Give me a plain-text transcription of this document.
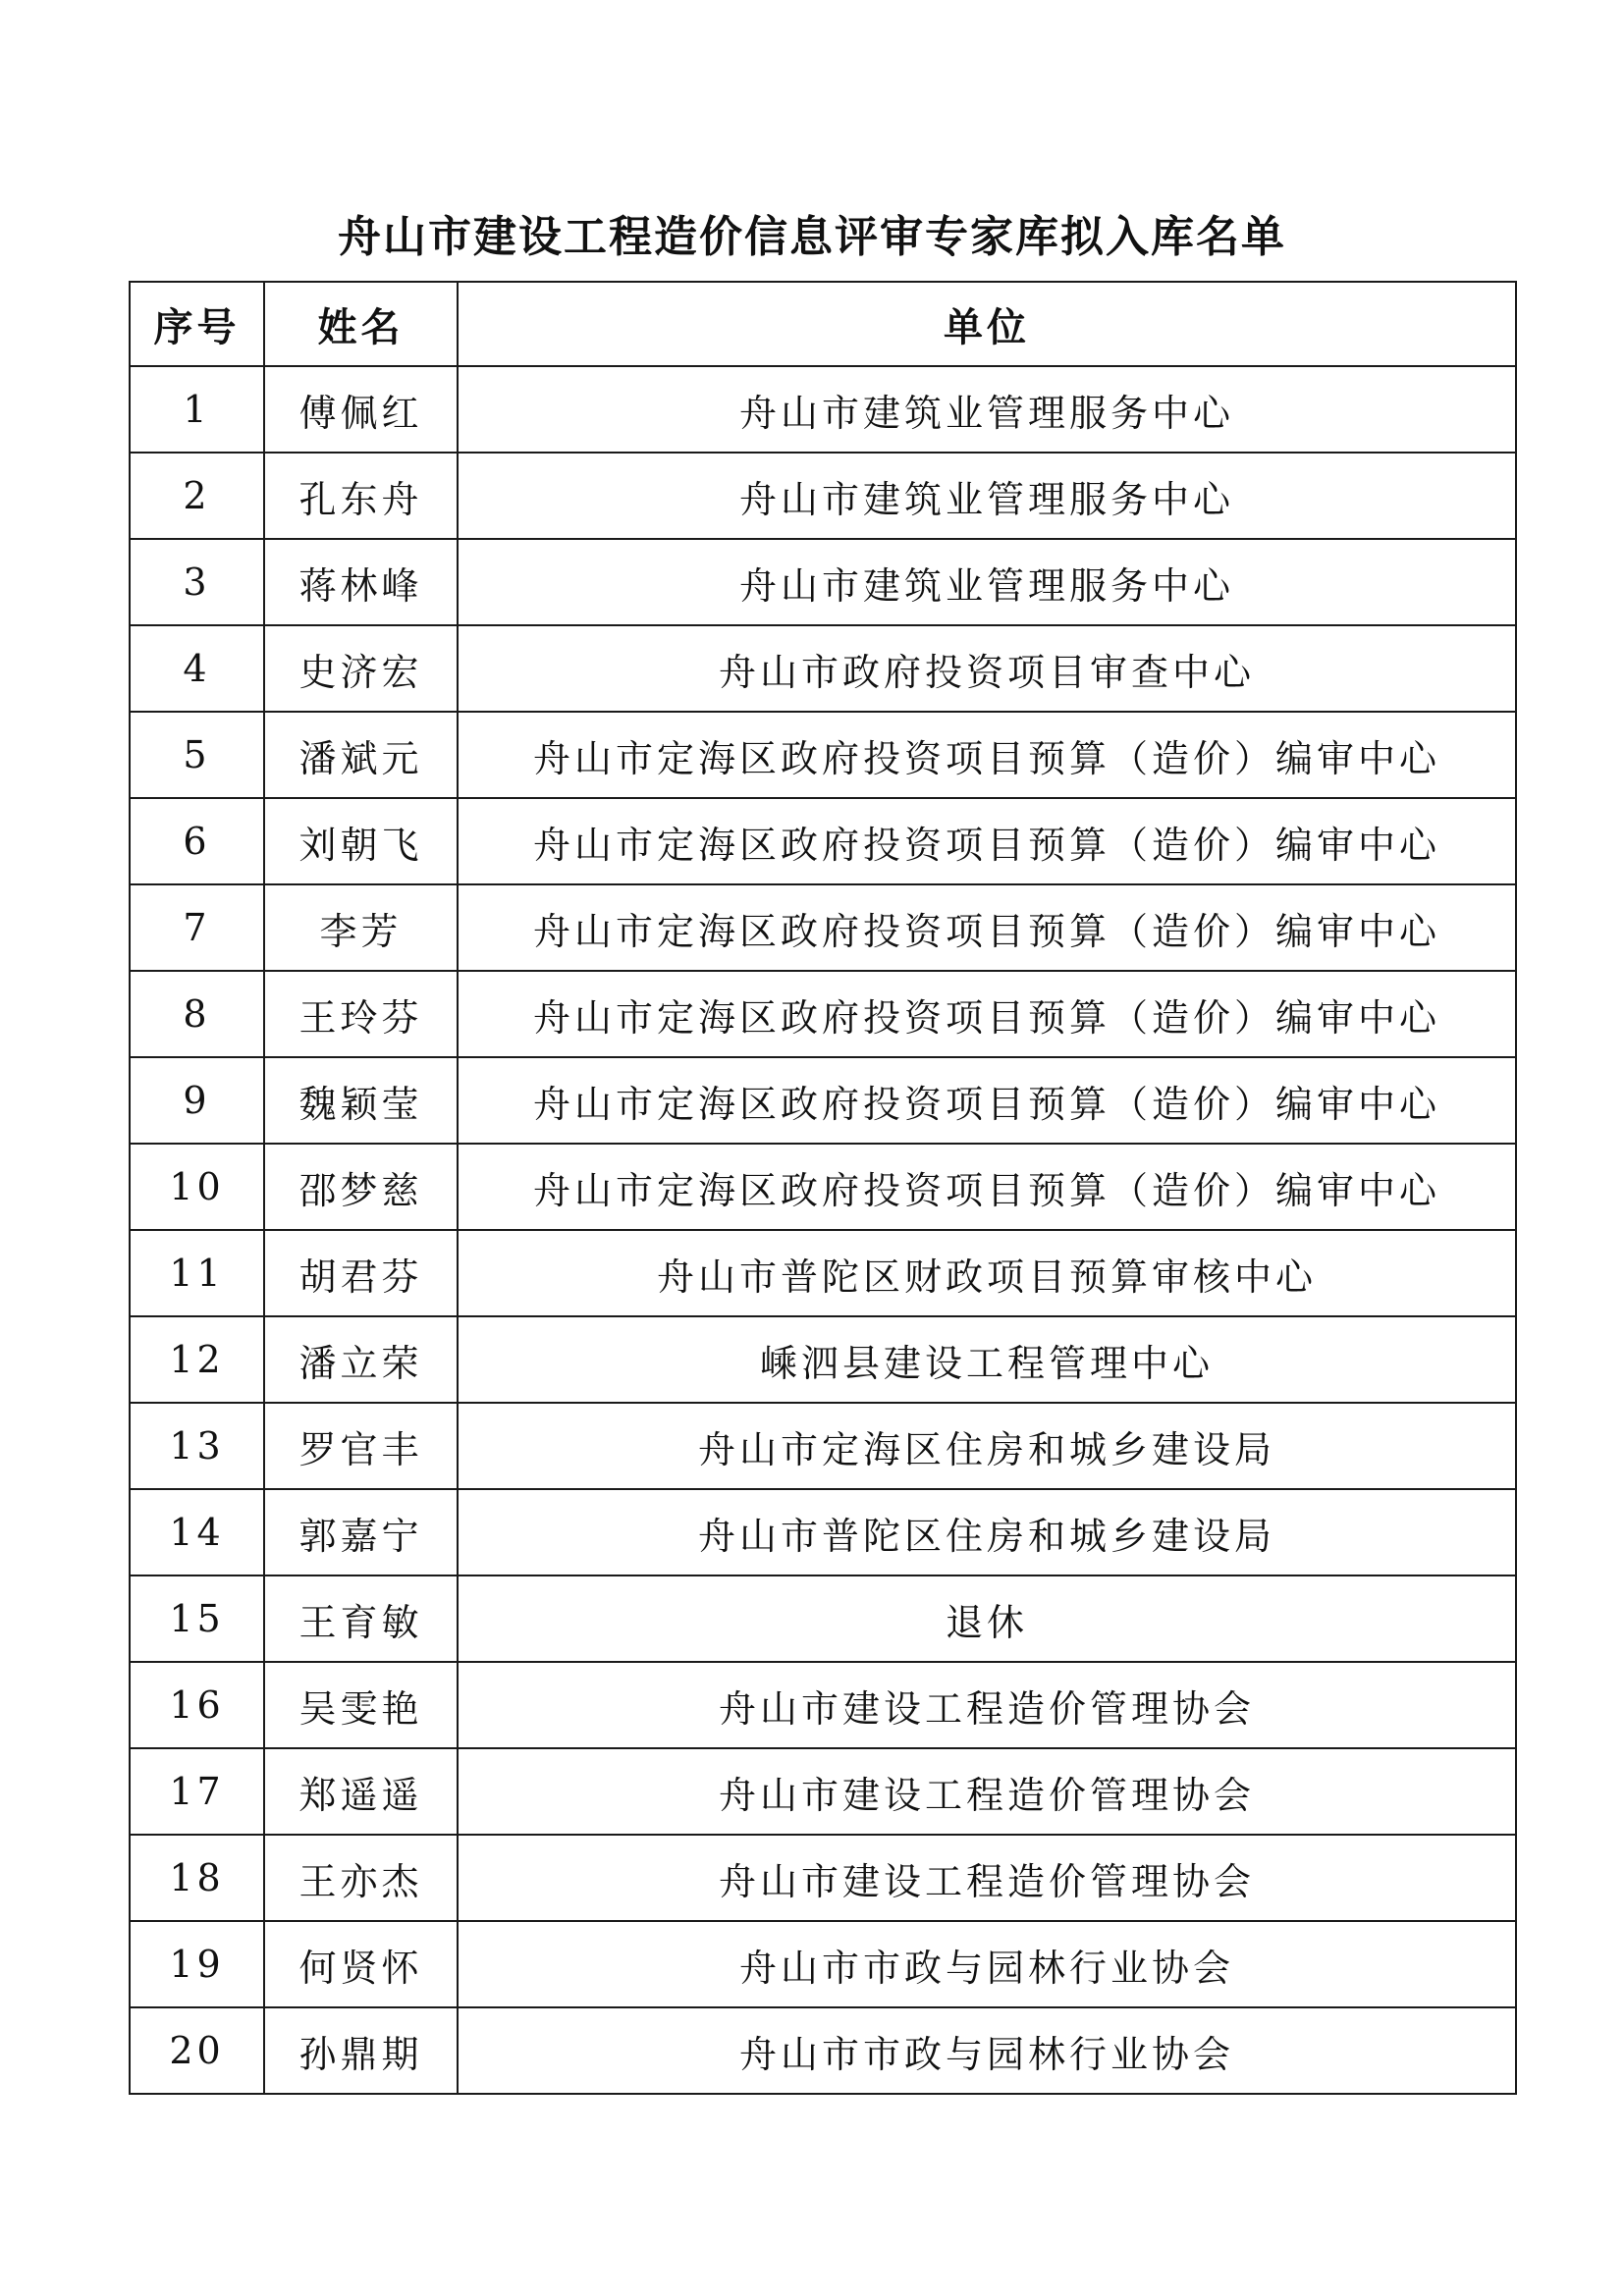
舟山市建设工程造价信息评审专家库拟入库名单
序号	姓名	单位
1	傅佩红	舟山市建筑业管理服务中心
2	孔东舟	舟山市建筑业管理服务中心
3	蒋林峰	舟山市建筑业管理服务中心
4	史济宏	舟山市政府投资项目审查中心
5	潘斌元	舟山市定海区政府投资项目预算（造价）编审中心
6	刘朝飞	舟山市定海区政府投资项目预算（造价）编审中心
7	李芳	舟山市定海区政府投资项目预算（造价）编审中心
8	王玲芬	舟山市定海区政府投资项目预算（造价）编审中心
9	魏颖莹	舟山市定海区政府投资项目预算（造价）编审中心
10	邵梦慈	舟山市定海区政府投资项目预算（造价）编审中心
11	胡君芬	舟山市普陀区财政项目预算审核中心
12	潘立荣	嵊泗县建设工程管理中心
13	罗官丰	舟山市定海区住房和城乡建设局
14	郭嘉宁	舟山市普陀区住房和城乡建设局
15	王育敏	退休
16	吴雯艳	舟山市建设工程造价管理协会
17	郑遥遥	舟山市建设工程造价管理协会
18	王亦杰	舟山市建设工程造价管理协会
19	何贤怀	舟山市市政与园林行业协会
20	孙鼎期	舟山市市政与园林行业协会
